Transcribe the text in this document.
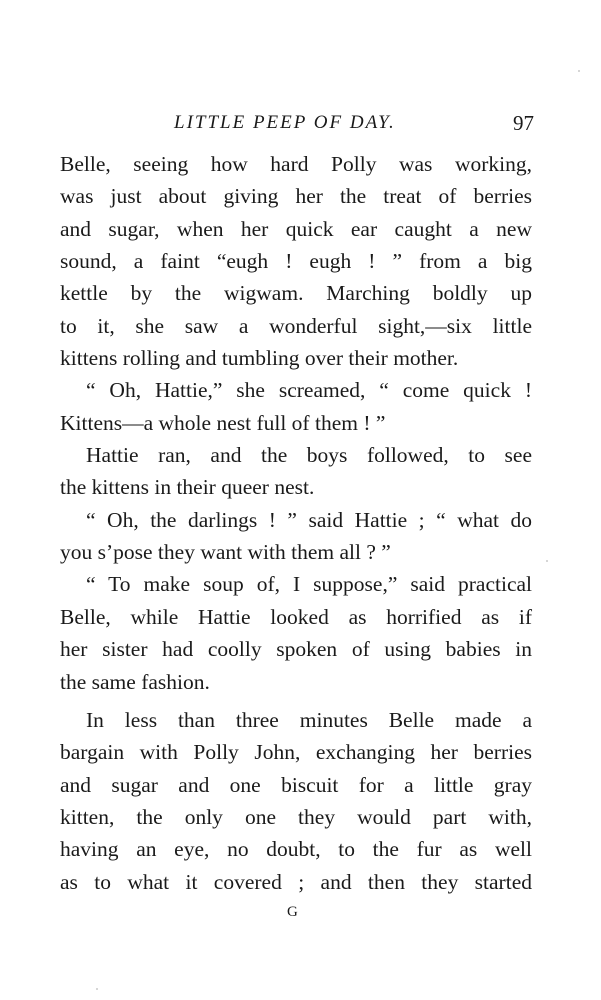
LITTLE PEEP OF DAY.	97
Belle, seeing how hard Polly was working,
was just about giving her the treat of berries
and sugar, when her quick ear caught a new
sound, a faint “eugh ! eugh ! ” from a big
kettle by the wigwam. Marching boldly up
to it, she saw a wonderful sight,—six little
kittens rolling and tumbling over their mother.
“ Oh, Hattie,” she screamed, “ come quick !
Kittens—a whole nest full of them ! ”
Hattie ran, and the boys followed, to see
the kittens in their queer nest.
“ Oh, the darlings ! ” said Hattie ; “ what do
you s’pose they want with them all ? ”
“ To make soup of, I suppose,” said practical
Belle, while Hattie looked as horrified as if
her sister had coolly spoken of using babies in
the same fashion.
In less than three minutes Belle made a
bargain with Polly John, exchanging her berries
and sugar and one biscuit for a little gray
kitten, the only one they would part with,
having an eye, no doubt, to the fur as well
as to what it covered ; and then they started
G
